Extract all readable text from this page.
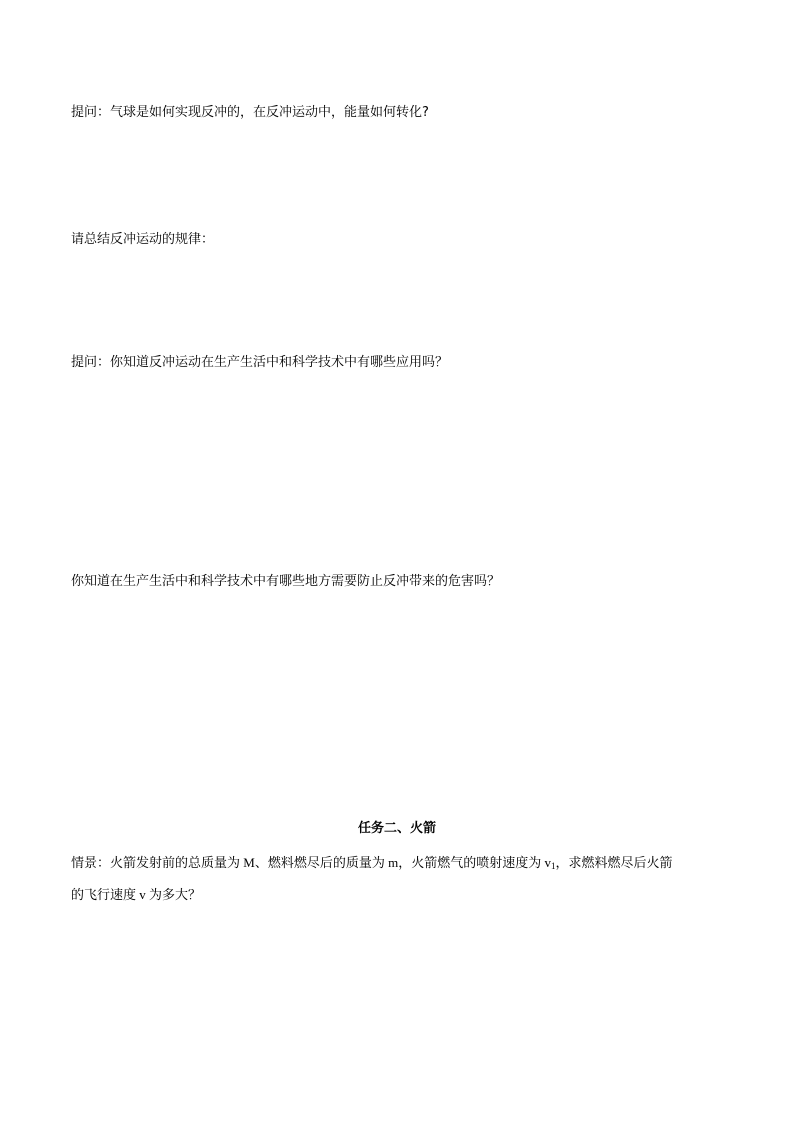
提问：气球是如何实现反冲的，在反冲运动中，能量如何转化?
请总结反冲运动的规律：
提问：你知道反冲运动在生产生活中和科学技术中有哪些应用吗？
你知道在生产生活中和科学技术中有哪些地方需要防止反冲带来的危害吗？
任务二、火箭
情景：火箭发射前的总质量为 M、燃料燃尽后的质量为 m，火箭燃气的喷射速度为 $v_1$，求燃料燃尽后火箭
的飞行速度 v 为多大？
